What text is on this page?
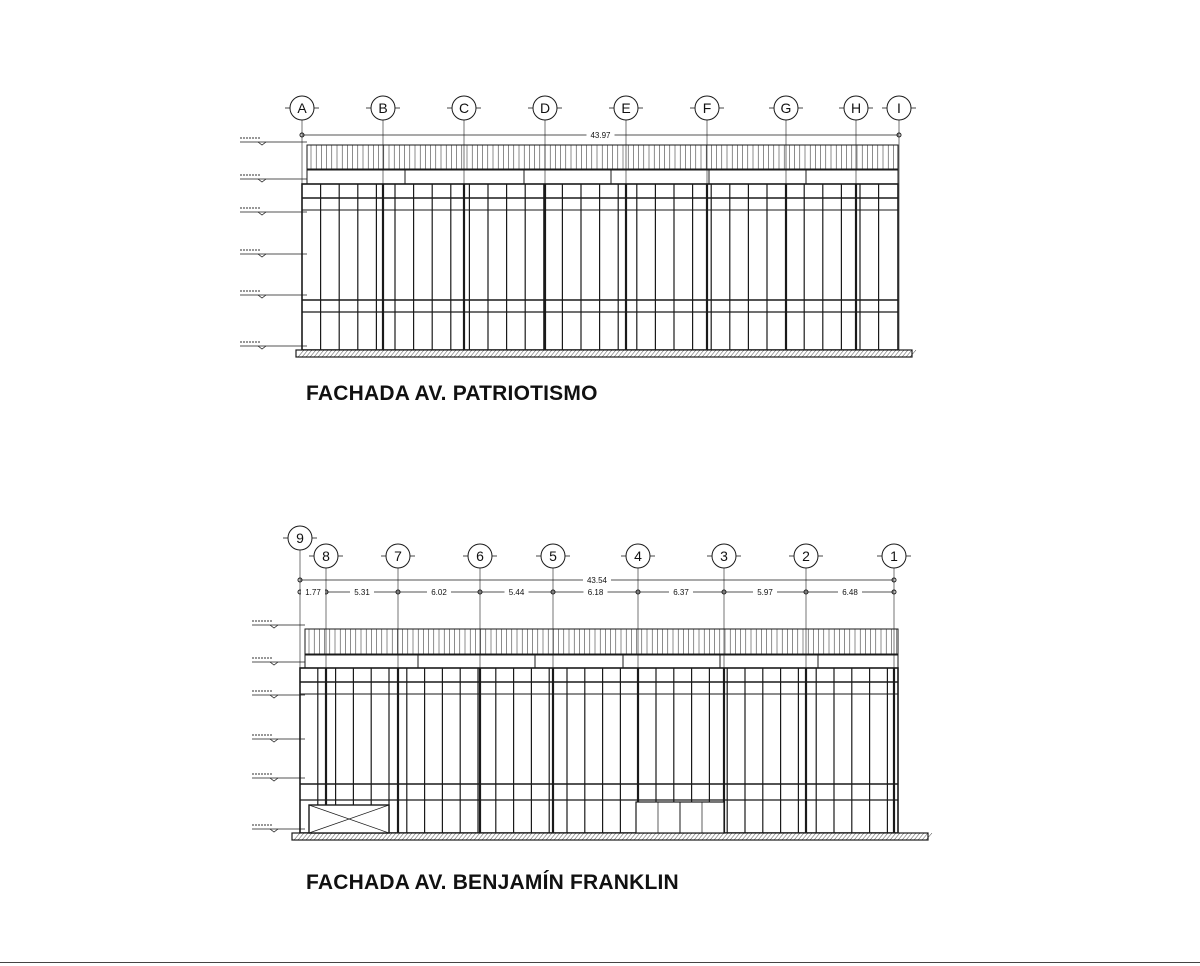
A	B	C	D	E	F	G	H	I
43.97
9
8	7	6	5	4	3	2	1
43.54
1.77	5.31	6.02	5.44	6.18	6.37	5.97	6.48
FACHADA AV. PATRIOTISMO
FACHADA AV. BENJAMÍN FRANKLIN
